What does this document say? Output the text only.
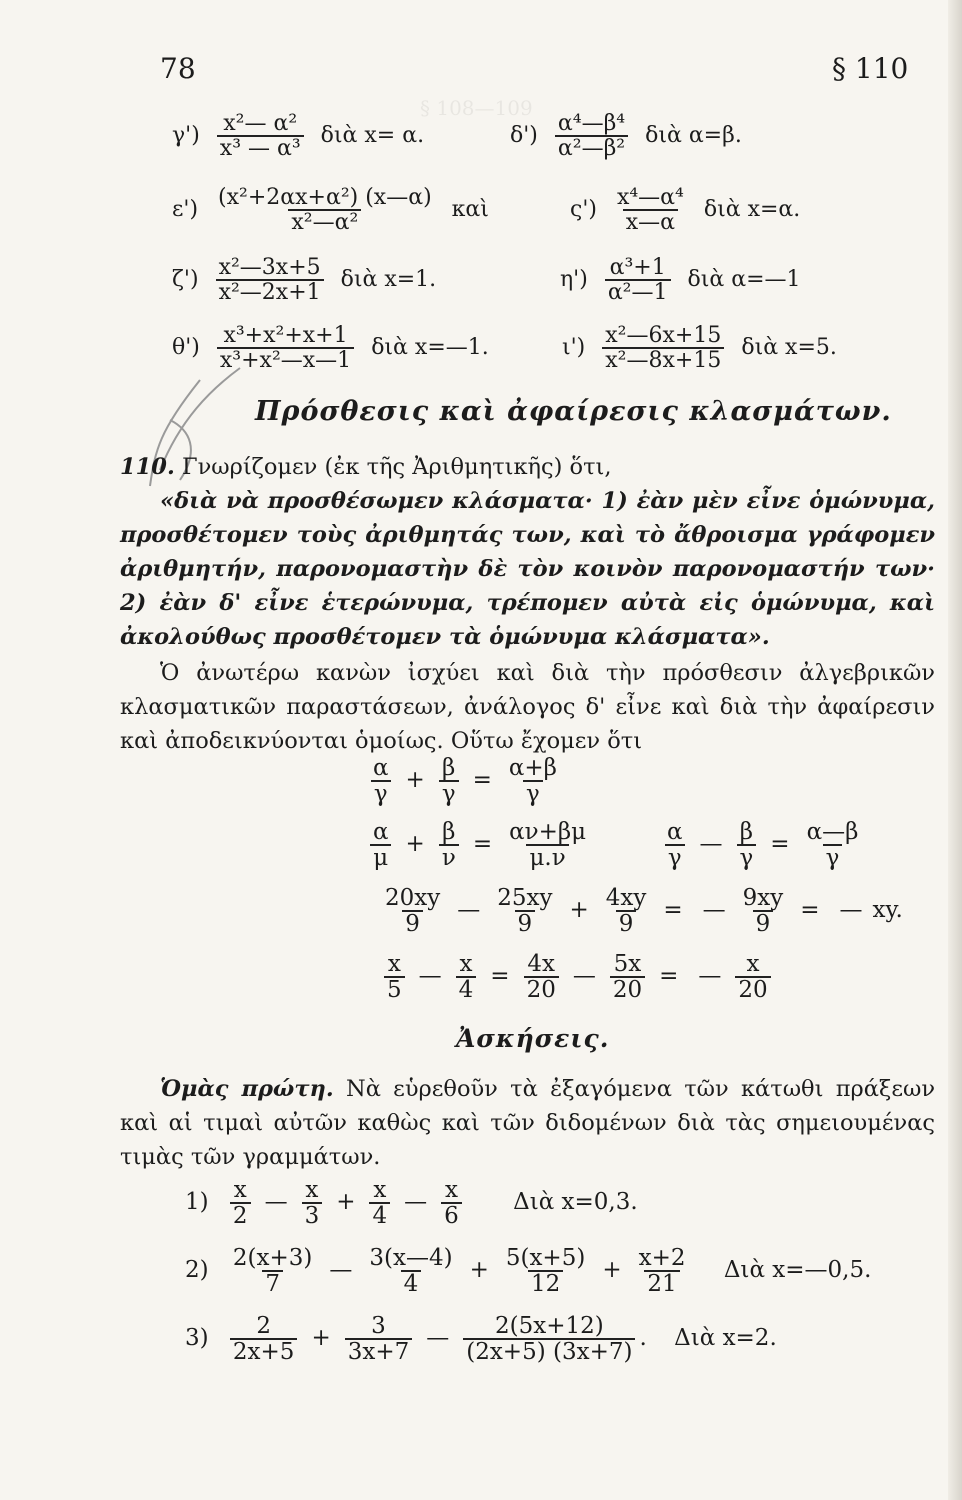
§ 108—109
78	§ 110
$\gamma') \frac{\text{x²— α²}}{\text{x³ — α³}}$ διὰ x= α.	$\delta') \frac{\text{α⁴—β⁴}}{\text{α²—β²}}$ διὰ α=β.
$\varepsilon') \frac{\text{(x²+2αx+α²) (x—α)}}{\text{x²—α²}}$ καὶ	$\varsigma') \frac{\text{x⁴—α⁴}}{x—\alpha}$ διὰ x=α.
$\zeta') \frac{\text{x²—3x+5}}{\text{x²—2x+1}}$ διὰ x=1.	$\eta') \frac{\text{α³+1}}{\text{α²—1}}$ διὰ α=—1
$\theta') \frac{\text{x³+x²+x+1}}{\text{x³+x²—x—1}}$ διὰ x=—1.	$\iota') \frac{\text{x²—6x+15}}{\text{x²—8x+15}}$ διὰ x=5.
Πρόσθεσις καὶ ἀφαίρεσις κλασμάτων.
110. Γνωρίζομεν (ἐκ τῆς Ἀριθμητικῆς) ὅτι,
«διὰ νὰ προσθέσωμεν κλάσματα· 1) ἐὰν μὲν εἶνε ὁμώνυμα, προσθέτομεν τοὺς ἀριθμητάς των, καὶ τὸ ἄθροισμα γράφομεν ἀριθμητήν, παρονομαστὴν δὲ τὸν κοινὸν παρονομαστήν των· 2) ἐὰν δ' εἶνε ἑτερώνυμα, τρέπομεν αὐτὰ εἰς ὁμώνυμα, καὶ ἀκολούθως προσθέτομεν τὰ ὁμώνυμα κλάσματα».
Ὁ ἀνωτέρω κανὼν ἰσχύει καὶ διὰ τὴν πρόσθεσιν ἀλγεβρικῶν κλασματικῶν παραστάσεων, ἀνάλογος δ' εἶνε καὶ διὰ τὴν ἀφαίρεσιν καὶ ἀποδεικνύονται ὁμοίως. Οὕτω ἔχομεν ὅτι
$\frac{\alpha}{\gamma} + \frac{\beta}{\gamma} = \frac{\alpha+\beta}{\gamma}$
$\frac{\alpha}{\mu} + \frac{\beta}{\nu} = \frac{\alpha\nu+\beta\mu}{\mu.\nu}$	$\frac{\alpha}{\gamma}$ — $\frac{\beta}{\gamma} = \frac{\alpha—\beta}{\gamma}$
$\frac{20xy}{9}$ — $\frac{25xy}{9} + \frac{4xy}{9}$ = — $\frac{9xy}{9}$ = — xy.
$\frac{x}{5}$ — $\frac{x}{4} = \frac{4x}{20}$ — $\frac{5x}{20}$ = — $\frac{x}{20}$
Ἀσκήσεις.
Ὁμὰς πρώτη. Νὰ εὑρεθοῦν τὰ ἐξαγόμενα τῶν κάτωθι πράξεων καὶ αἱ τιμαὶ αὐτῶν καθὼς καὶ τῶν διδομένων διὰ τὰς σημειουμένας τιμὰς τῶν γραμμάτων.
$1) \frac{x}{2}$ — $\frac{x}{3} + \frac{x}{4}$ — $\frac{x}{6}$ Διὰ x=0,3.
$2) \frac{2(x+3)}{7}$ — $\frac{3(x—4)}{4} + \frac{5(x+5)}{12} + \frac{x+2}{21}$ Διὰ x=—0,5.
$3) \frac{2}{2x+5} + \frac{3}{3x+7}$ — $\frac{2(5x+12)}{(2x+5) (3x+7)}$ . Διὰ x=2.
